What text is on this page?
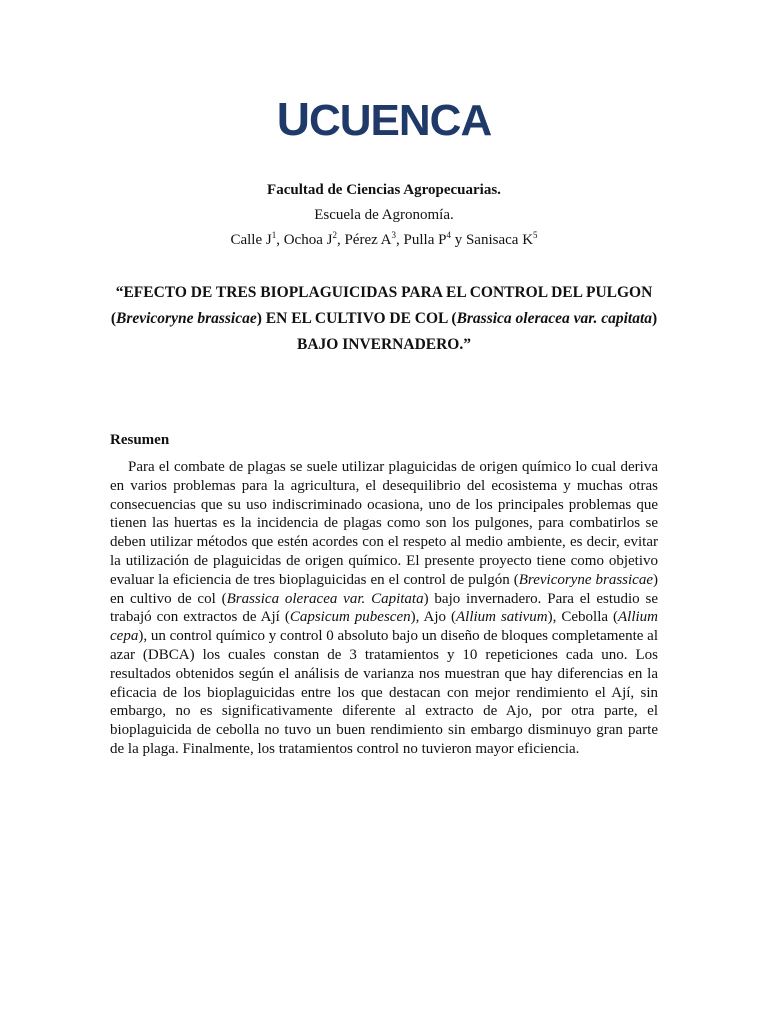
UCUENCA
Facultad de Ciencias Agropecuarias.
Escuela de Agronomía.
Calle $J^1$, Ochoa $J^2$, Pérez $A^3$, Pulla $P^4$ y Sanisaca $K^5$
“EFECTO DE TRES BIOPLAGUICIDAS PARA EL CONTROL DEL PULGON (Brevicoryne brassicae) EN EL CULTIVO DE COL (Brassica oleracea var. capitata) BAJO INVERNADERO.”
Resumen
Para el combate de plagas se suele utilizar plaguicidas de origen químico lo cual deriva en varios problemas para la agricultura, el desequilibrio del ecosistema y muchas otras consecuencias que su uso indiscriminado ocasiona, uno de los principales problemas que tienen las huertas es la incidencia de plagas como son los pulgones, para combatirlos se deben utilizar métodos que estén acordes con el respeto al medio ambiente, es decir, evitar la utilización de plaguicidas de origen químico. El presente proyecto tiene como objetivo evaluar la eficiencia de tres bioplaguicidas en el control de pulgón (Brevicoryne brassicae) en cultivo de col (Brassica oleracea var. Capitata) bajo invernadero. Para el estudio se trabajó con extractos de Ají (Capsicum pubescen), Ajo (Allium sativum), Cebolla (Allium cepa), un control químico y control 0 absoluto bajo un diseño de bloques completamente al azar (DBCA) los cuales constan de 3 tratamientos y 10 repeticiones cada uno. Los resultados obtenidos según el análisis de varianza nos muestran que hay diferencias en la eficacia de los bioplaguicidas entre los que destacan con mejor rendimiento el Ají, sin embargo, no es significativamente diferente al extracto de Ajo, por otra parte, el bioplaguicida de cebolla no tuvo un buen rendimiento sin embargo disminuyo gran parte de la plaga. Finalmente, los tratamientos control no tuvieron mayor eficiencia.
